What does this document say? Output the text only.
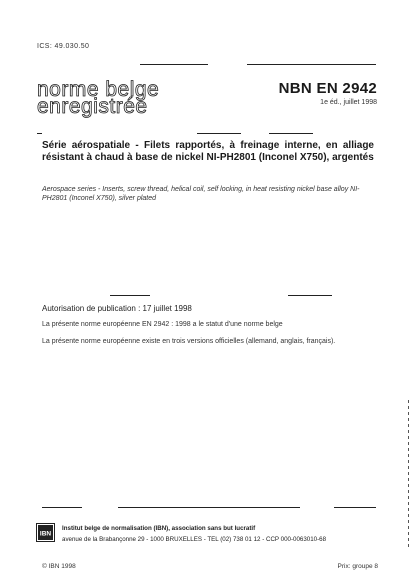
ICS: 49.030.50
norme belge
enregistrée
NBN EN 2942
1e éd., juillet 1998
Série aérospatiale - Filets rapportés, à freinage interne, en alliage résistant à chaud à base de nickel NI-PH2801 (Inconel X750), argentés
Aerospace series - Inserts, screw thread, helical coil, self locking, in heat resisting nickel base alloy NI-PH2801 (Inconel X750), silver plated
Autorisation de publication : 17 juillet 1998
La présente norme européenne EN 2942 : 1998 a le statut d'une norme belge
La présente norme européenne existe en trois versions officielles (allemand, anglais, français).
IBN
Institut belge de normalisation (IBN), association sans but lucratif
avenue de la Brabançonne 29 - 1000 BRUXELLES - TEL (02) 738 01 12 - CCP 000-0063010-68
© IBN 1998	Prix: groupe 8
